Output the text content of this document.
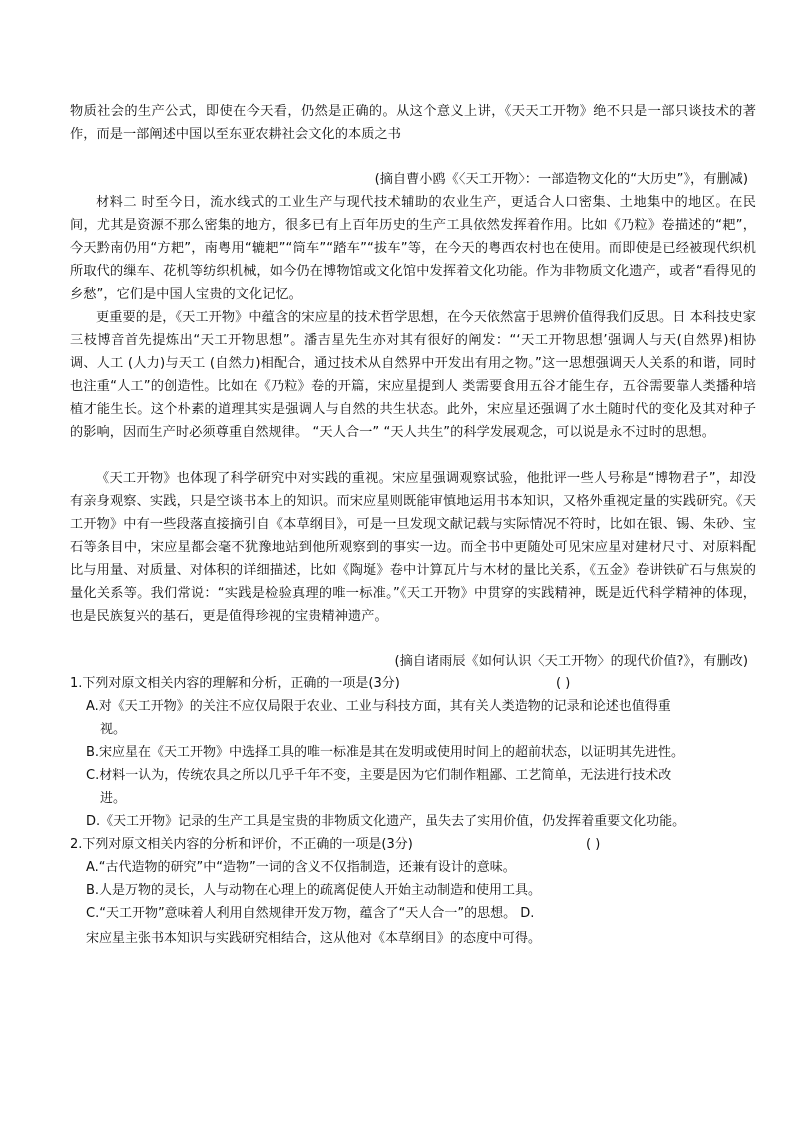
物质社会的生产公式，即使在今天看，仍然是正确的。从这个意义上讲，《天天工开物》绝不只是一部只谈技术的著作，而是一部阐述中国以至东亚农耕社会文化的本质之书

(摘自曹小鸥《〈天工开物〉：一部造物文化的“大历史”》，有删减)

材料二 时至今日，流水线式的工业生产与现代技术辅助的农业生产，更适合人口密集、土地集中的地区。在民间，尤其是资源不那么密集的地方，很多已有上百年历史的生产工具依然发挥着作用。比如《乃粒》卷描述的“耙”，今天黔南仍用“方耙”，南粤用“辘耙”“筒车”“踏车”“拔车”等，在今天的粤西农村也在使用。而即使是已经被现代织机所取代的缫车、花机等纺织机械，如今仍在博物馆或文化馆中发挥着文化功能。作为非物质文化遗产，或者“看得见的乡愁”，它们是中国人宝贵的文化记忆。

更重要的是，《天工开物》中蕴含的宋应星的技术哲学思想，在今天依然富于思辨价值得我们反思。日 本科技史家三枝博音首先提炼出“天工开物思想”。潘吉星先生亦对其有很好的阐发：“‘天工开物思想’强调人与天(自然界)相协调、人工 (人力)与天工 (自然力)相配合，通过技术从自然界中开发出有用之物。”这一思想强调天人关系的和谐，同时也注重“人工”的创造性。比如在《乃粒》卷的开篇，宋应星提到人 类需要食用五谷才能生存，五谷需要靠人类播种培植才能生长。这个朴素的道理其实是强调人与自然的共生状态。此外，宋应星还强调了水土随时代的变化及其对种子的影响，因而生产时必须尊重自然规律。 “天人合一” “天人共生”的科学发展观念，可以说是永不过时的思想。

《天工开物》也体现了科学研究中对实践的重视。宋应星强调观察试验，他批评一些人号称是“博物君子”，却没有亲身观察、实践，只是空谈书本上的知识。而宋应星则既能审慎地运用书本知识，又格外重视定量的实践研究。《天工开物》中有一些段落直接摘引自《本草纲目》，可是一旦发现文献记载与实际情况不符时，比如在银、锡、朱砂、宝石等条目中，宋应星都会毫不犹豫地站到他所观察到的事实一边。而全书中更随处可见宋应星对建材尺寸、对原料配比与用量、对质量、对体积的详细描述，比如《陶埏》卷中计算瓦片与木材的量比关系，《五金》卷讲铁矿石与焦炭的量化关系等。我们常说：“实践是检验真理的唯一标准。”《天工开物》中贯穿的实践精神，既是近代科学精神的体现，也是民族复兴的基石，更是值得珍视的宝贵精神遗产。

(摘自诸雨辰《如何认识〈天工开物〉的现代价值?》，有删改)

1.下列对原文相关内容的理解和分析，正确的一项是(3分)	( )

A.对《天工开物》的关注不应仅局限于农业、工业与科技方面，其有关人类造物的记录和论述也值得重

视。

B.宋应星在《天工开物》中选择工具的唯一标准是其在发明或使用时间上的超前状态，以证明其先进性。

C.材料一认为，传统农具之所以几乎千年不变，主要是因为它们制作粗鄙、工艺简单，无法进行技术改

进。

D.《天工开物》记录的生产工具是宝贵的非物质文化遗产，虽失去了实用价值，仍发挥着重要文化功能。

2.下列对原文相关内容的分析和评价，不正确的一项是(3分)	( )

A.“古代造物的研究”中“造物”一词的含义不仅指制造，还兼有设计的意味。

B.人是万物的灵长，人与动物在心理上的疏离促使人开始主动制造和使用工具。

C.“天工开物”意味着人利用自然规律开发万物，蕴含了“天人合一”的思想。 D.

宋应星主张书本知识与实践研究相结合，这从他对《本草纲目》的态度中可得。
